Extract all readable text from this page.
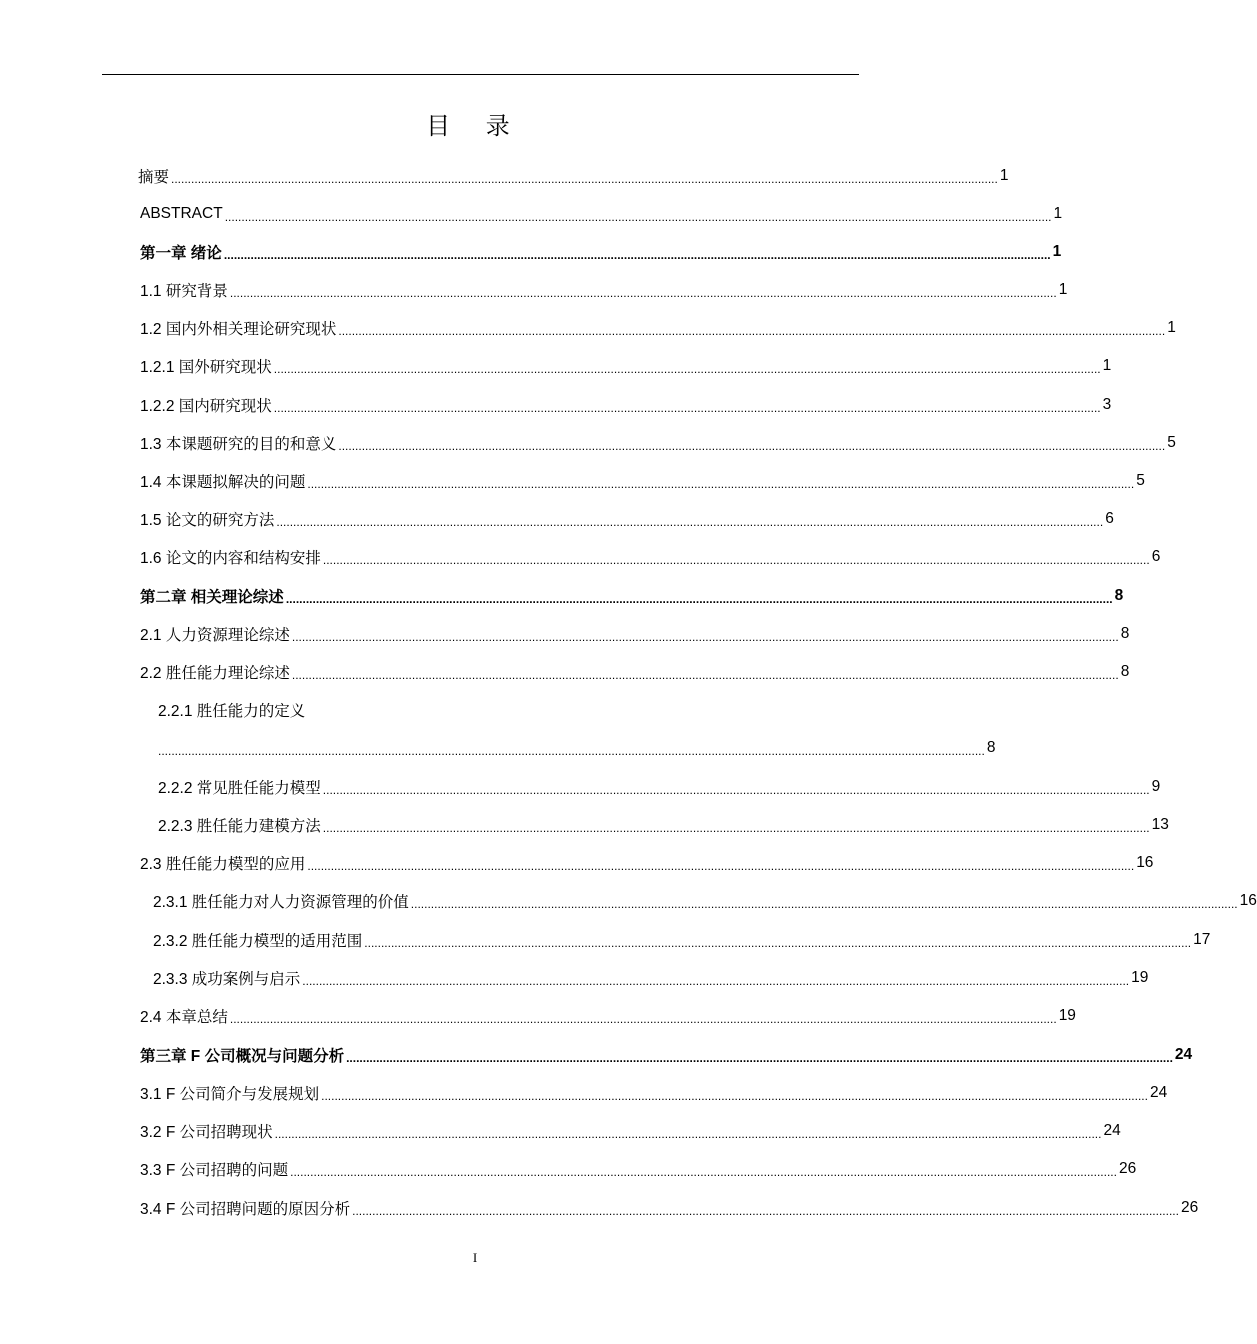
目 录
摘要 ........................................................................................................................................................................................................................................................ 1
ABSTRACT ........................................................................................................................................................................................................................................................ 1
第一章 绪论 ........................................................................................................................................................................................................................................................ 1
1.1 研究背景 ........................................................................................................................................................................................................................................................ 1
1.2 国内外相关理论研究现状 ........................................................................................................................................................................................................................................................ 1
1.2.1 国外研究现状 ........................................................................................................................................................................................................................................................ 1
1.2.2 国内研究现状 ........................................................................................................................................................................................................................................................ 3
1.3 本课题研究的目的和意义 ........................................................................................................................................................................................................................................................ 5
1.4 本课题拟解决的问题 ........................................................................................................................................................................................................................................................ 5
1.5 论文的研究方法 ........................................................................................................................................................................................................................................................ 6
1.6 论文的内容和结构安排 ........................................................................................................................................................................................................................................................ 6
第二章 相关理论综述 ........................................................................................................................................................................................................................................................ 8
2.1 人力资源理论综述 ........................................................................................................................................................................................................................................................ 8
2.2 胜任能力理论综述 ........................................................................................................................................................................................................................................................ 8
2.2.1 胜任能力的定义
........................................................................................................................................................................................................................................................ 8
2.2.2 常见胜任能力模型 ........................................................................................................................................................................................................................................................ 9
2.2.3 胜任能力建模方法 ........................................................................................................................................................................................................................................................ 13
2.3 胜任能力模型的应用 ........................................................................................................................................................................................................................................................ 16
2.3.1 胜任能力对人力资源管理的价值 ........................................................................................................................................................................................................................................................ 16
2.3.2 胜任能力模型的适用范围 ........................................................................................................................................................................................................................................................ 17
2.3.3 成功案例与启示 ........................................................................................................................................................................................................................................................ 19
2.4 本章总结 ........................................................................................................................................................................................................................................................ 19
第三章 F 公司概况与问题分析 ........................................................................................................................................................................................................................................................ 24
3.1 F 公司简介与发展规划 ........................................................................................................................................................................................................................................................ 24
3.2 F 公司招聘现状 ........................................................................................................................................................................................................................................................ 24
3.3 F 公司招聘的问题 ........................................................................................................................................................................................................................................................ 26
3.4 F 公司招聘问题的原因分析 ........................................................................................................................................................................................................................................................ 26
I
